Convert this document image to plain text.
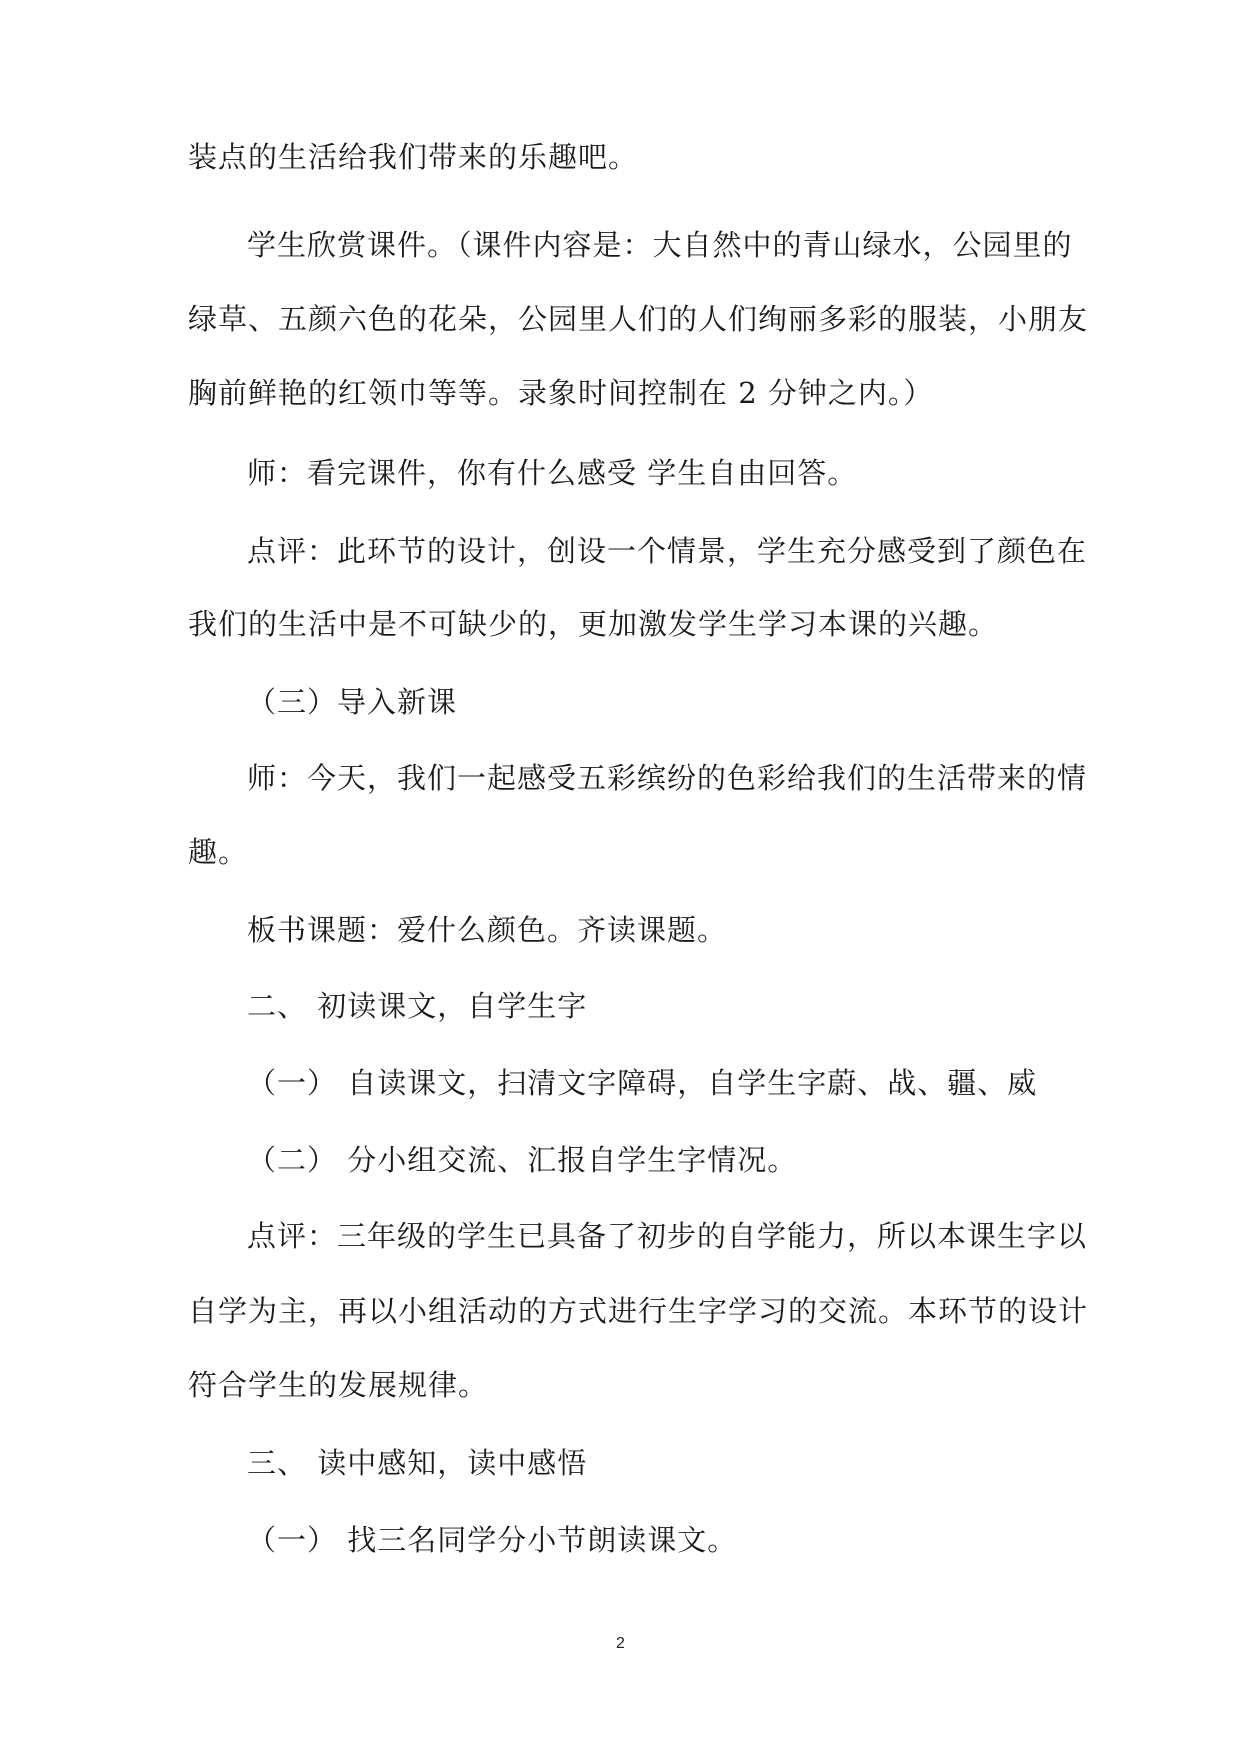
装点的生活给我们带来的乐趣吧。
学生欣赏课件。（课件内容是：大自然中的青山绿水，公园里的
绿草、五颜六色的花朵，公园里人们的人们绚丽多彩的服装，小朋友
胸前鲜艳的红领巾等等。录象时间控制在 2 分钟之内。）
师：看完课件，你有什么感受 学生自由回答。
点评：此环节的设计，创设一个情景，学生充分感受到了颜色在
我们的生活中是不可缺少的，更加激发学生学习本课的兴趣。
（三）导入新课
师：今天，我们一起感受五彩缤纷的色彩给我们的生活带来的情
趣。
板书课题：爱什么颜色。齐读课题。
二、 初读课文，自学生字
（一） 自读课文，扫清文字障碍，自学生字蔚、战、疆、威
（二） 分小组交流、汇报自学生字情况。
点评：三年级的学生已具备了初步的自学能力，所以本课生字以
自学为主，再以小组活动的方式进行生字学习的交流。本环节的设计
符合学生的发展规律。
三、 读中感知，读中感悟
（一） 找三名同学分小节朗读课文。
2
